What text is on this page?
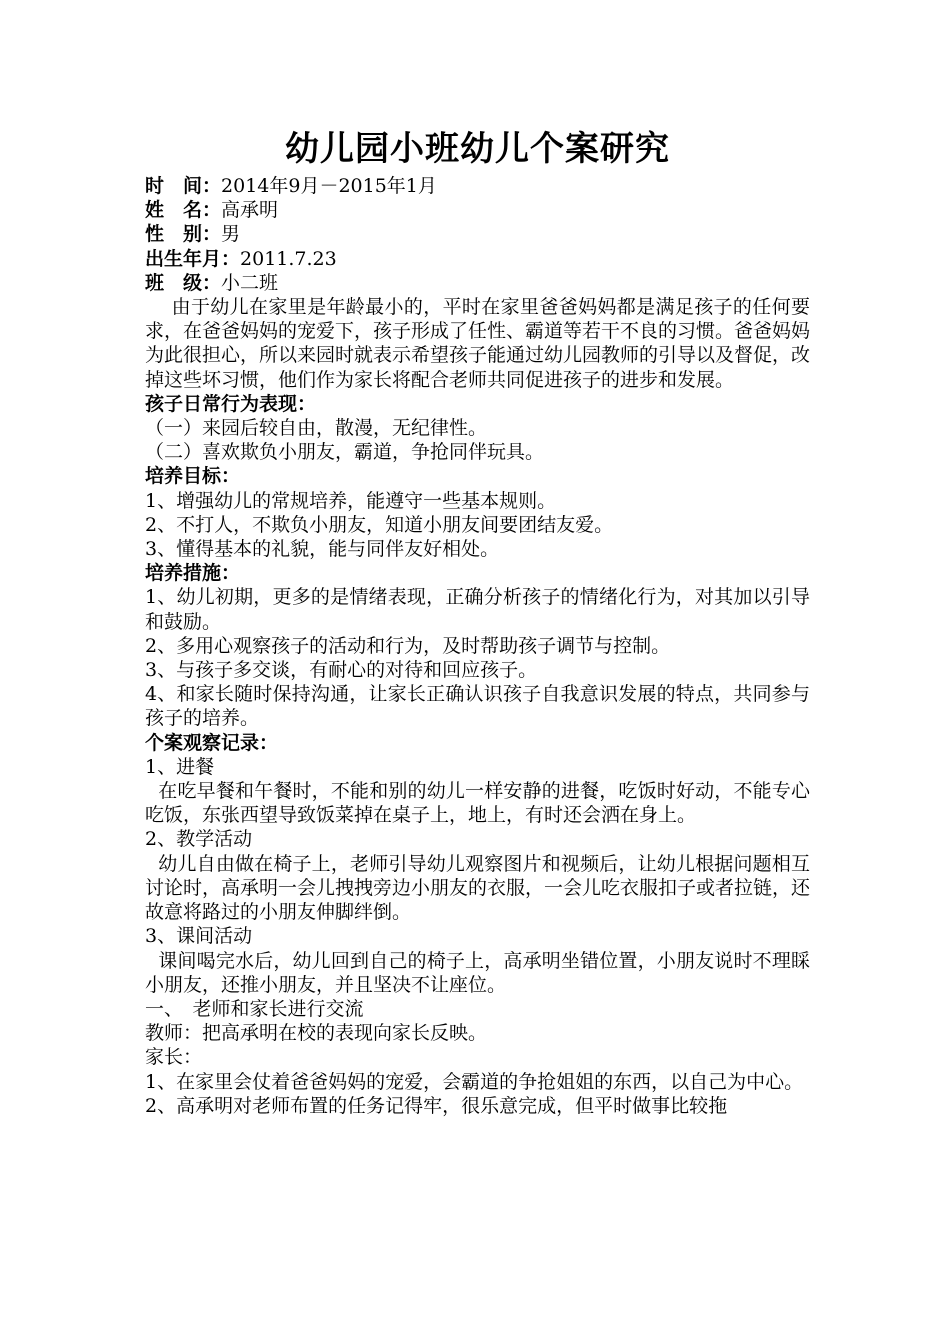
幼儿园小班幼儿个案研究
时　间：2014年9月－2015年1月
姓　名：高承明
性　别：男
出生年月：2011.7.23
班　级：小二班
由于幼儿在家里是年龄最小的，平时在家里爸爸妈妈都是满足孩子的任何要求，在爸爸妈妈的宠爱下，孩子形成了任性、霸道等若干不良的习惯。爸爸妈妈为此很担心，所以来园时就表示希望孩子能通过幼儿园教师的引导以及督促，改掉这些坏习惯，他们作为家长将配合老师共同促进孩子的进步和发展。
孩子日常行为表现：
（一）来园后较自由，散漫，无纪律性。
（二）喜欢欺负小朋友，霸道，争抢同伴玩具。
培养目标：
1、增强幼儿的常规培养，能遵守一些基本规则。
2、不打人，不欺负小朋友，知道小朋友间要团结友爱。
3、懂得基本的礼貌，能与同伴友好相处。
培养措施：
1、幼儿初期，更多的是情绪表现，正确分析孩子的情绪化行为，对其加以引导和鼓励。
2、多用心观察孩子的活动和行为，及时帮助孩子调节与控制。
3、与孩子多交谈，有耐心的对待和回应孩子。
4、和家长随时保持沟通，让家长正确认识孩子自我意识发展的特点，共同参与孩子的培养。
个案观察记录：
1、进餐
在吃早餐和午餐时，不能和别的幼儿一样安静的进餐，吃饭时好动，不能专心吃饭，东张西望导致饭菜掉在桌子上，地上，有时还会洒在身上。
2、教学活动
幼儿自由做在椅子上，老师引导幼儿观察图片和视频后，让幼儿根据问题相互讨论时，高承明一会儿拽拽旁边小朋友的衣服，一会儿吃衣服扣子或者拉链，还故意将路过的小朋友伸脚绊倒。
3、课间活动
课间喝完水后，幼儿回到自己的椅子上，高承明坐错位置，小朋友说时不理睬小朋友，还推小朋友，并且坚决不让座位。
一、　老师和家长进行交流
教师：把高承明在校的表现向家长反映。
家长：
1、在家里会仗着爸爸妈妈的宠爱，会霸道的争抢姐姐的东西，以自己为中心。
2、高承明对老师布置的任务记得牢，很乐意完成，但平时做事比较拖
